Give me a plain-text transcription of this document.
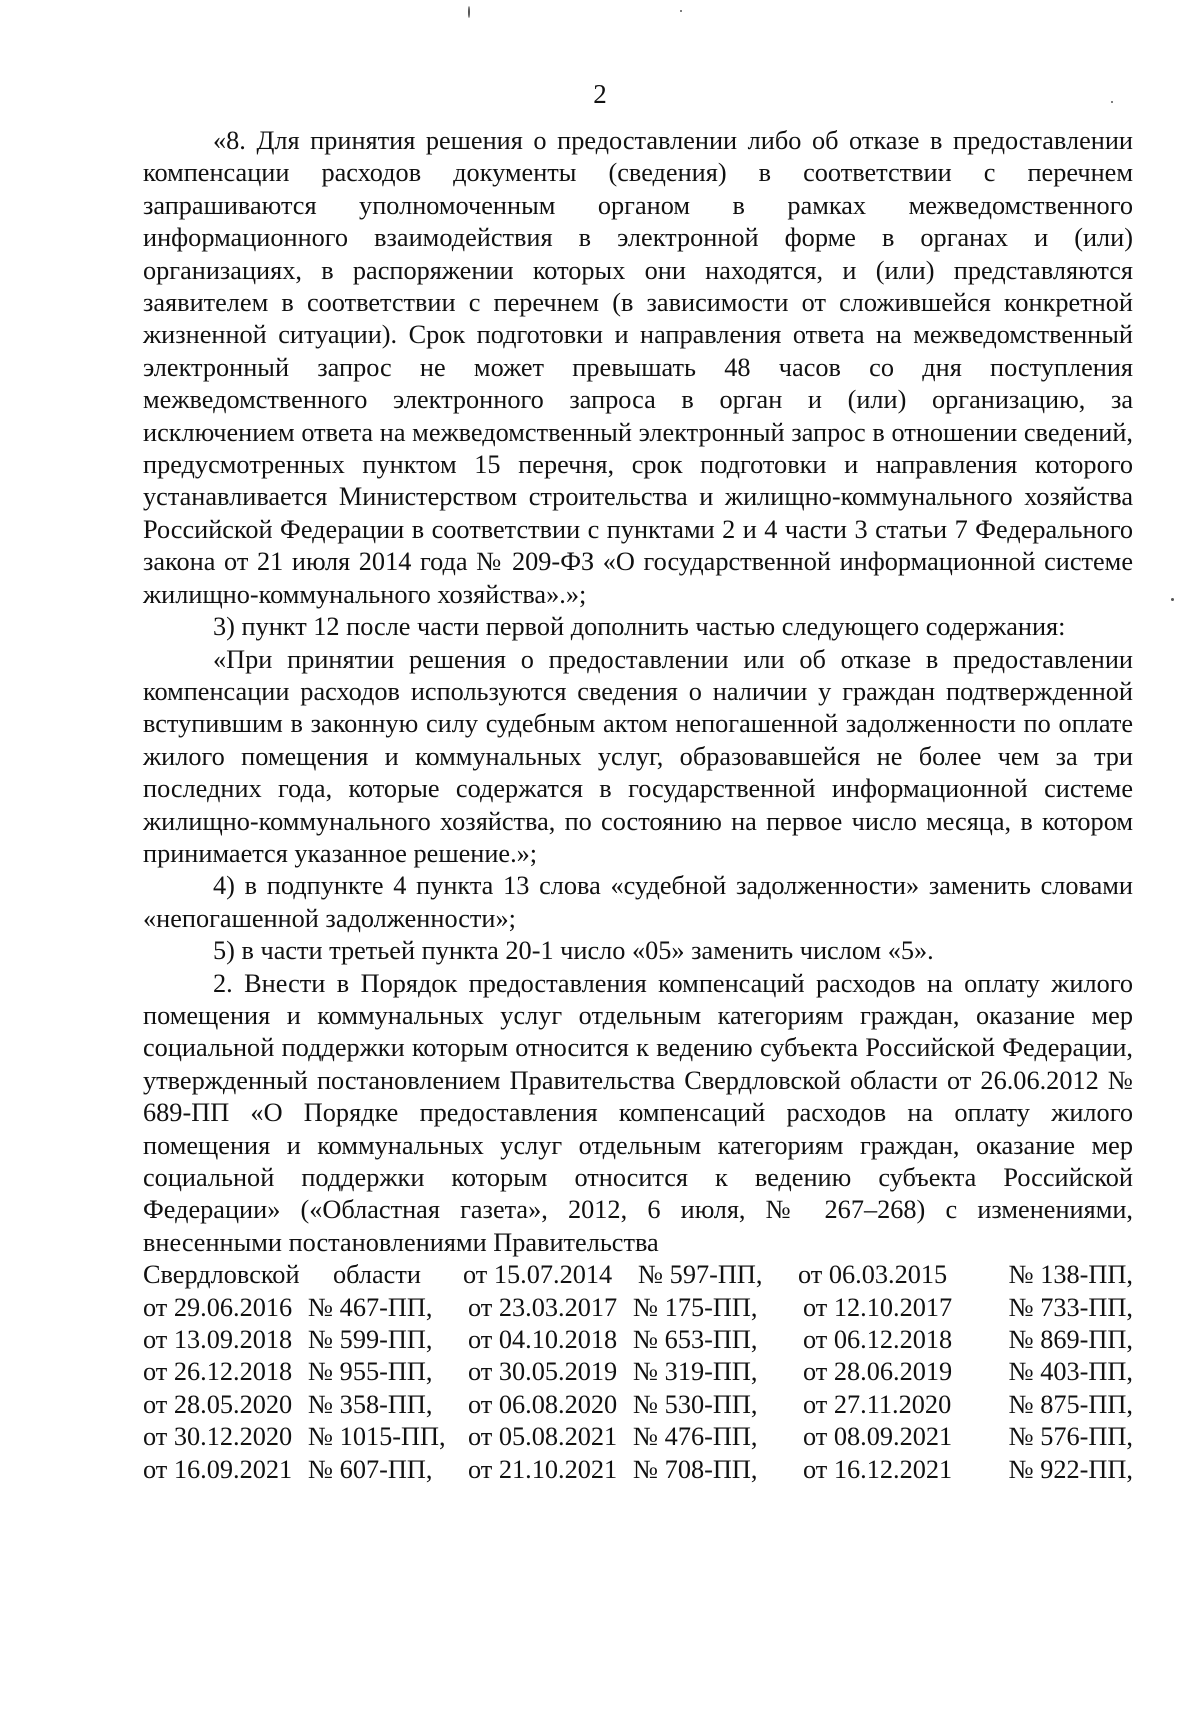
2

«8. Для принятия решения о предоставлении либо об отказе в предоставлении компенсации расходов документы (сведения) в соответствии с перечнем запрашиваются уполномоченным органом в рамках межведомственного информационного взаимодействия в электронной форме в органах и (или) организациях, в распоряжении которых они находятся, и (или) представляются заявителем в соответствии с перечнем (в зависимости от сложившейся конкретной жизненной ситуации). Срок подготовки и направления ответа на межведомственный электронный запрос не может превышать 48 часов со дня поступления межведомственного электронного запроса в орган и (или) организацию, за исключением ответа на межведомственный электронный запрос в отношении сведений, предусмотренных пунктом 15 перечня, срок подготовки и направления которого устанавливается Министерством строительства и жилищно-коммунального хозяйства Российской Федерации в соответствии с пунктами 2 и 4 части 3 статьи 7 Федерального закона от 21 июля 2014 года № 209-ФЗ «О государственной информационной системе жилищно-коммунального хозяйства».»;

3) пункт 12 после части первой дополнить частью следующего содержания:

«При принятии решения о предоставлении или об отказе в предоставлении компенсации расходов используются сведения о наличии у граждан подтвержденной вступившим в законную силу судебным актом непогашенной задолженности по оплате жилого помещения и коммунальных услуг, образовавшейся не более чем за три последних года, которые содержатся в государственной информационной системе жилищно-коммунального хозяйства, по состоянию на первое число месяца, в котором принимается указанное решение.»;

4) в подпункте 4 пункта 13 слова «судебной задолженности» заменить словами «непогашенной задолженности»;

5) в части третьей пункта 20-1 число «05» заменить числом «5».

2. Внести в Порядок предоставления компенсаций расходов на оплату жилого помещения и коммунальных услуг отдельным категориям граждан, оказание мер социальной поддержки которым относится к ведению субъекта Российской Федерации, утвержденный постановлением Правительства Свердловской области от 26.06.2012 № 689-ПП «О Порядке предоставления компенсаций расходов на оплату жилого помещения и коммунальных услуг отдельным категориям граждан, оказание мер социальной поддержки которым относится к ведению субъекта Российской Федерации» («Областная газета», 2012, 6 июля, № 267–268) с изменениями, внесенными постановлениями Правительства

Свердловской	области	от 15.07.2014	№ 597-ПП,	от 06.03.2015	№ 138-ПП,
от 29.06.2016	№ 467-ПП,	от 23.03.2017	№ 175-ПП,	от 12.10.2017	№ 733-ПП,
от 13.09.2018	№ 599-ПП,	от 04.10.2018	№ 653-ПП,	от 06.12.2018	№ 869-ПП,
от 26.12.2018	№ 955-ПП,	от 30.05.2019	№ 319-ПП,	от 28.06.2019	№ 403-ПП,
от 28.05.2020	№ 358-ПП,	от 06.08.2020	№ 530-ПП,	от 27.11.2020	№ 875-ПП,
от 30.12.2020	№ 1015-ПП,	от 05.08.2021	№ 476-ПП,	от 08.09.2021	№ 576-ПП,
от 16.09.2021	№ 607-ПП,	от 21.10.2021	№ 708-ПП,	от 16.12.2021	№ 922-ПП,
